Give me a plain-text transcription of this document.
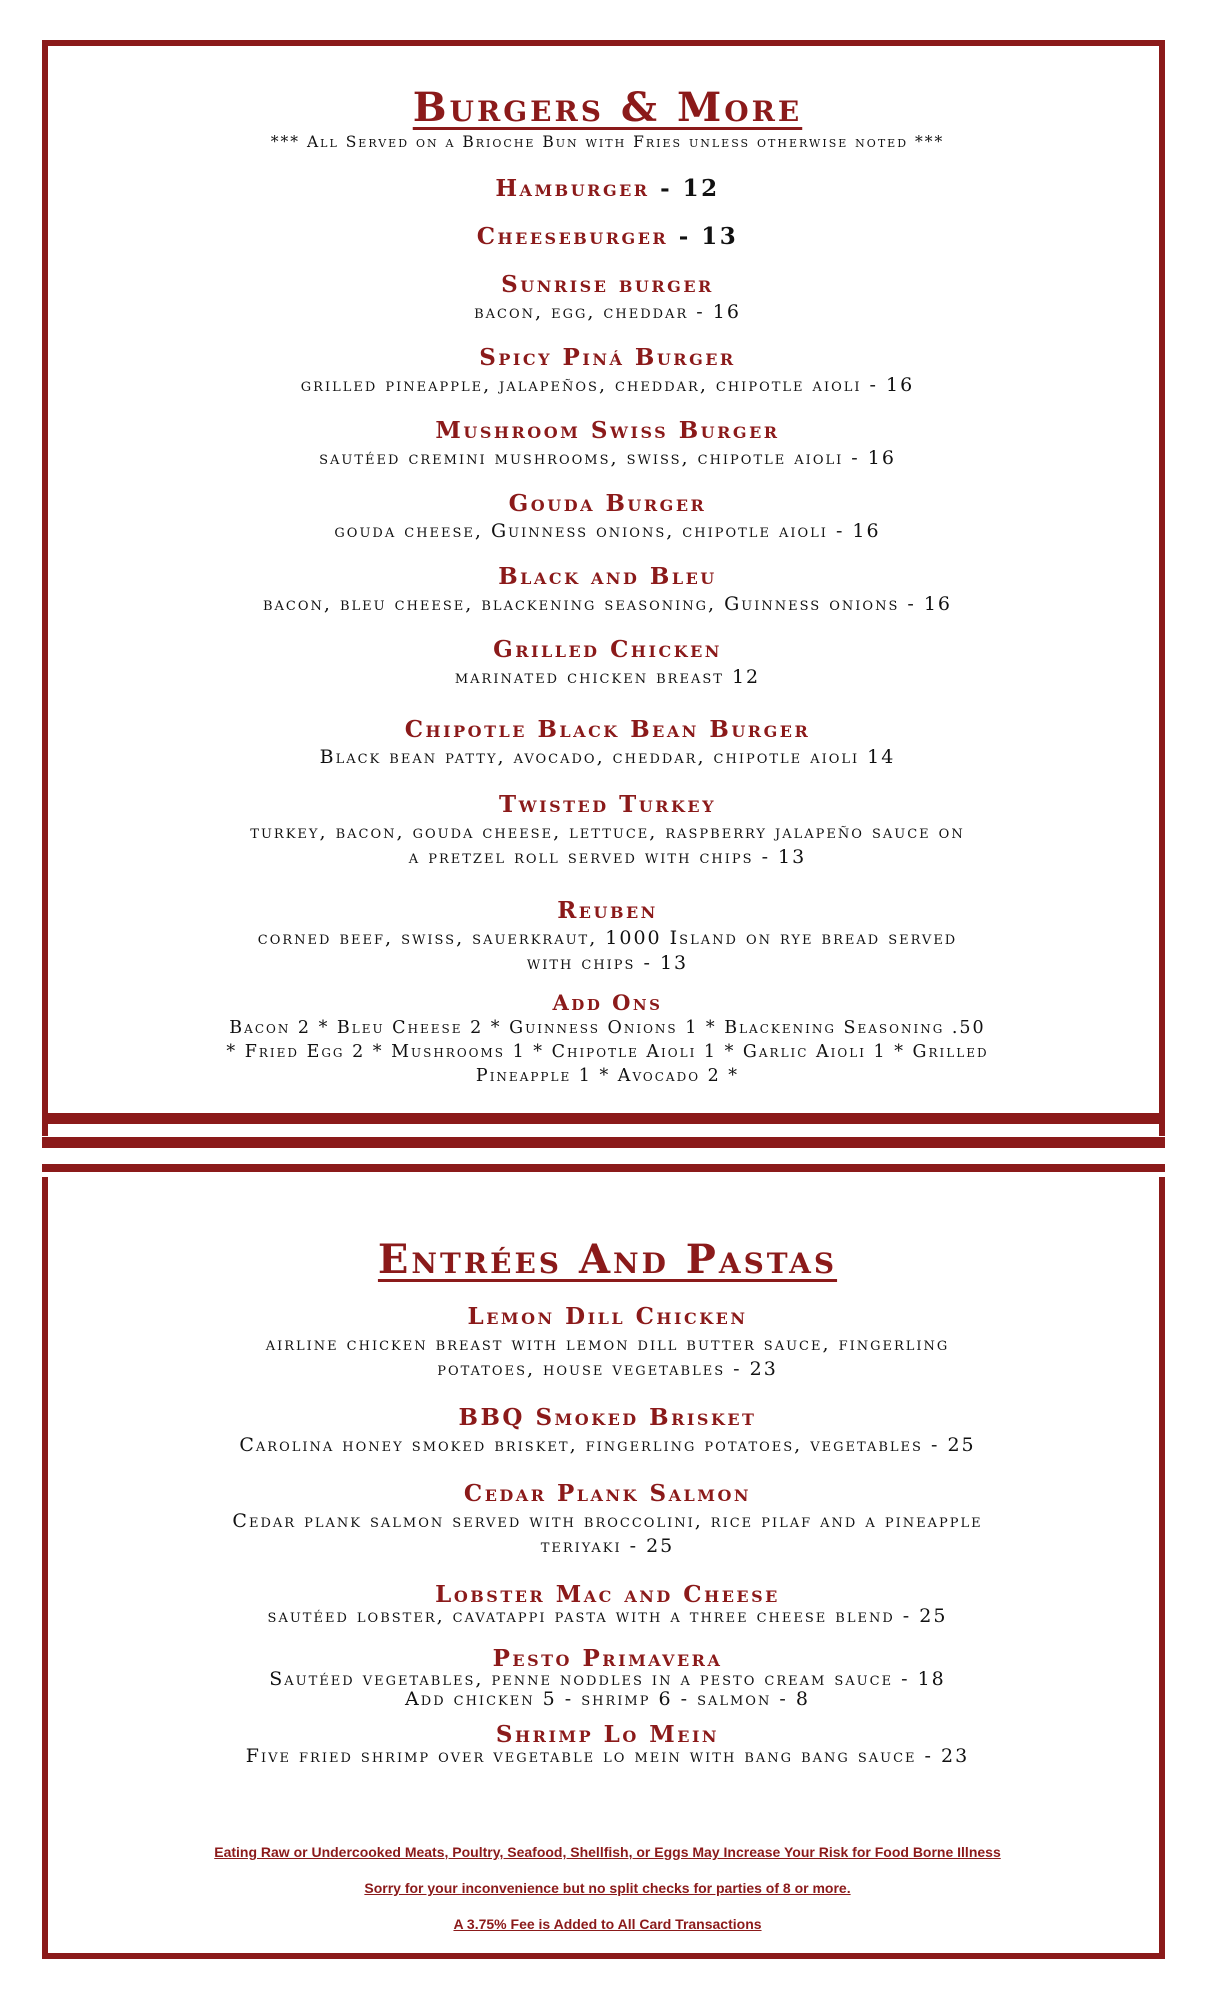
Burgers & More
*** All Served on a Brioche Bun with Fries unless otherwise noted ***
Hamburger - 12
Cheeseburger - 13
Sunrise burger
bacon, egg, cheddar - 16
Spicy Piná Burger
grilled pineapple, jalapeños, cheddar, chipotle aioli - 16
Mushroom Swiss Burger
sautéed cremini mushrooms, swiss, chipotle aioli - 16
Gouda Burger
gouda cheese, Guinness onions, chipotle aioli - 16
Black and Bleu
bacon, bleu cheese, blackening seasoning, Guinness onions - 16
Grilled Chicken
marinated chicken breast 12
Chipotle Black Bean Burger
Black bean patty, avocado, cheddar, chipotle aioli 14
Twisted Turkey
turkey, bacon, gouda cheese, lettuce, raspberry jalapeño sauce on
a pretzel roll served with chips - 13
Reuben
corned beef, swiss, sauerkraut, 1000 Island on rye bread served
with chips - 13
Add Ons
Bacon 2 * Bleu Cheese 2 * Guinness Onions 1 * Blackening Seasoning .50
* Fried Egg 2 * Mushrooms 1 * Chipotle Aioli 1 * Garlic Aioli 1 * Grilled
Pineapple 1 * Avocado 2 *
Entrées And Pastas
Lemon Dill Chicken
airline chicken breast with lemon dill butter sauce, fingerling
potatoes, house vegetables - 23
BBQ Smoked Brisket
Carolina honey smoked brisket, fingerling potatoes, vegetables - 25
Cedar Plank Salmon
Cedar plank salmon served with broccolini, rice pilaf and a pineapple
teriyaki - 25
Lobster Mac and Cheese
sautéed lobster, cavatappi pasta with a three cheese blend - 25
Pesto Primavera
Sautéed vegetables, penne noddles in a pesto cream sauce - 18
Add chicken 5 - shrimp 6 - salmon - 8
Shrimp Lo Mein
Five fried shrimp over vegetable lo mein with bang bang sauce - 23
Eating Raw or Undercooked Meats, Poultry, Seafood, Shellfish, or Eggs May Increase Your Risk for Food Borne Illness
Sorry for your inconvenience but no split checks for parties of 8 or more.
A 3.75% Fee is Added to All Card Transactions
